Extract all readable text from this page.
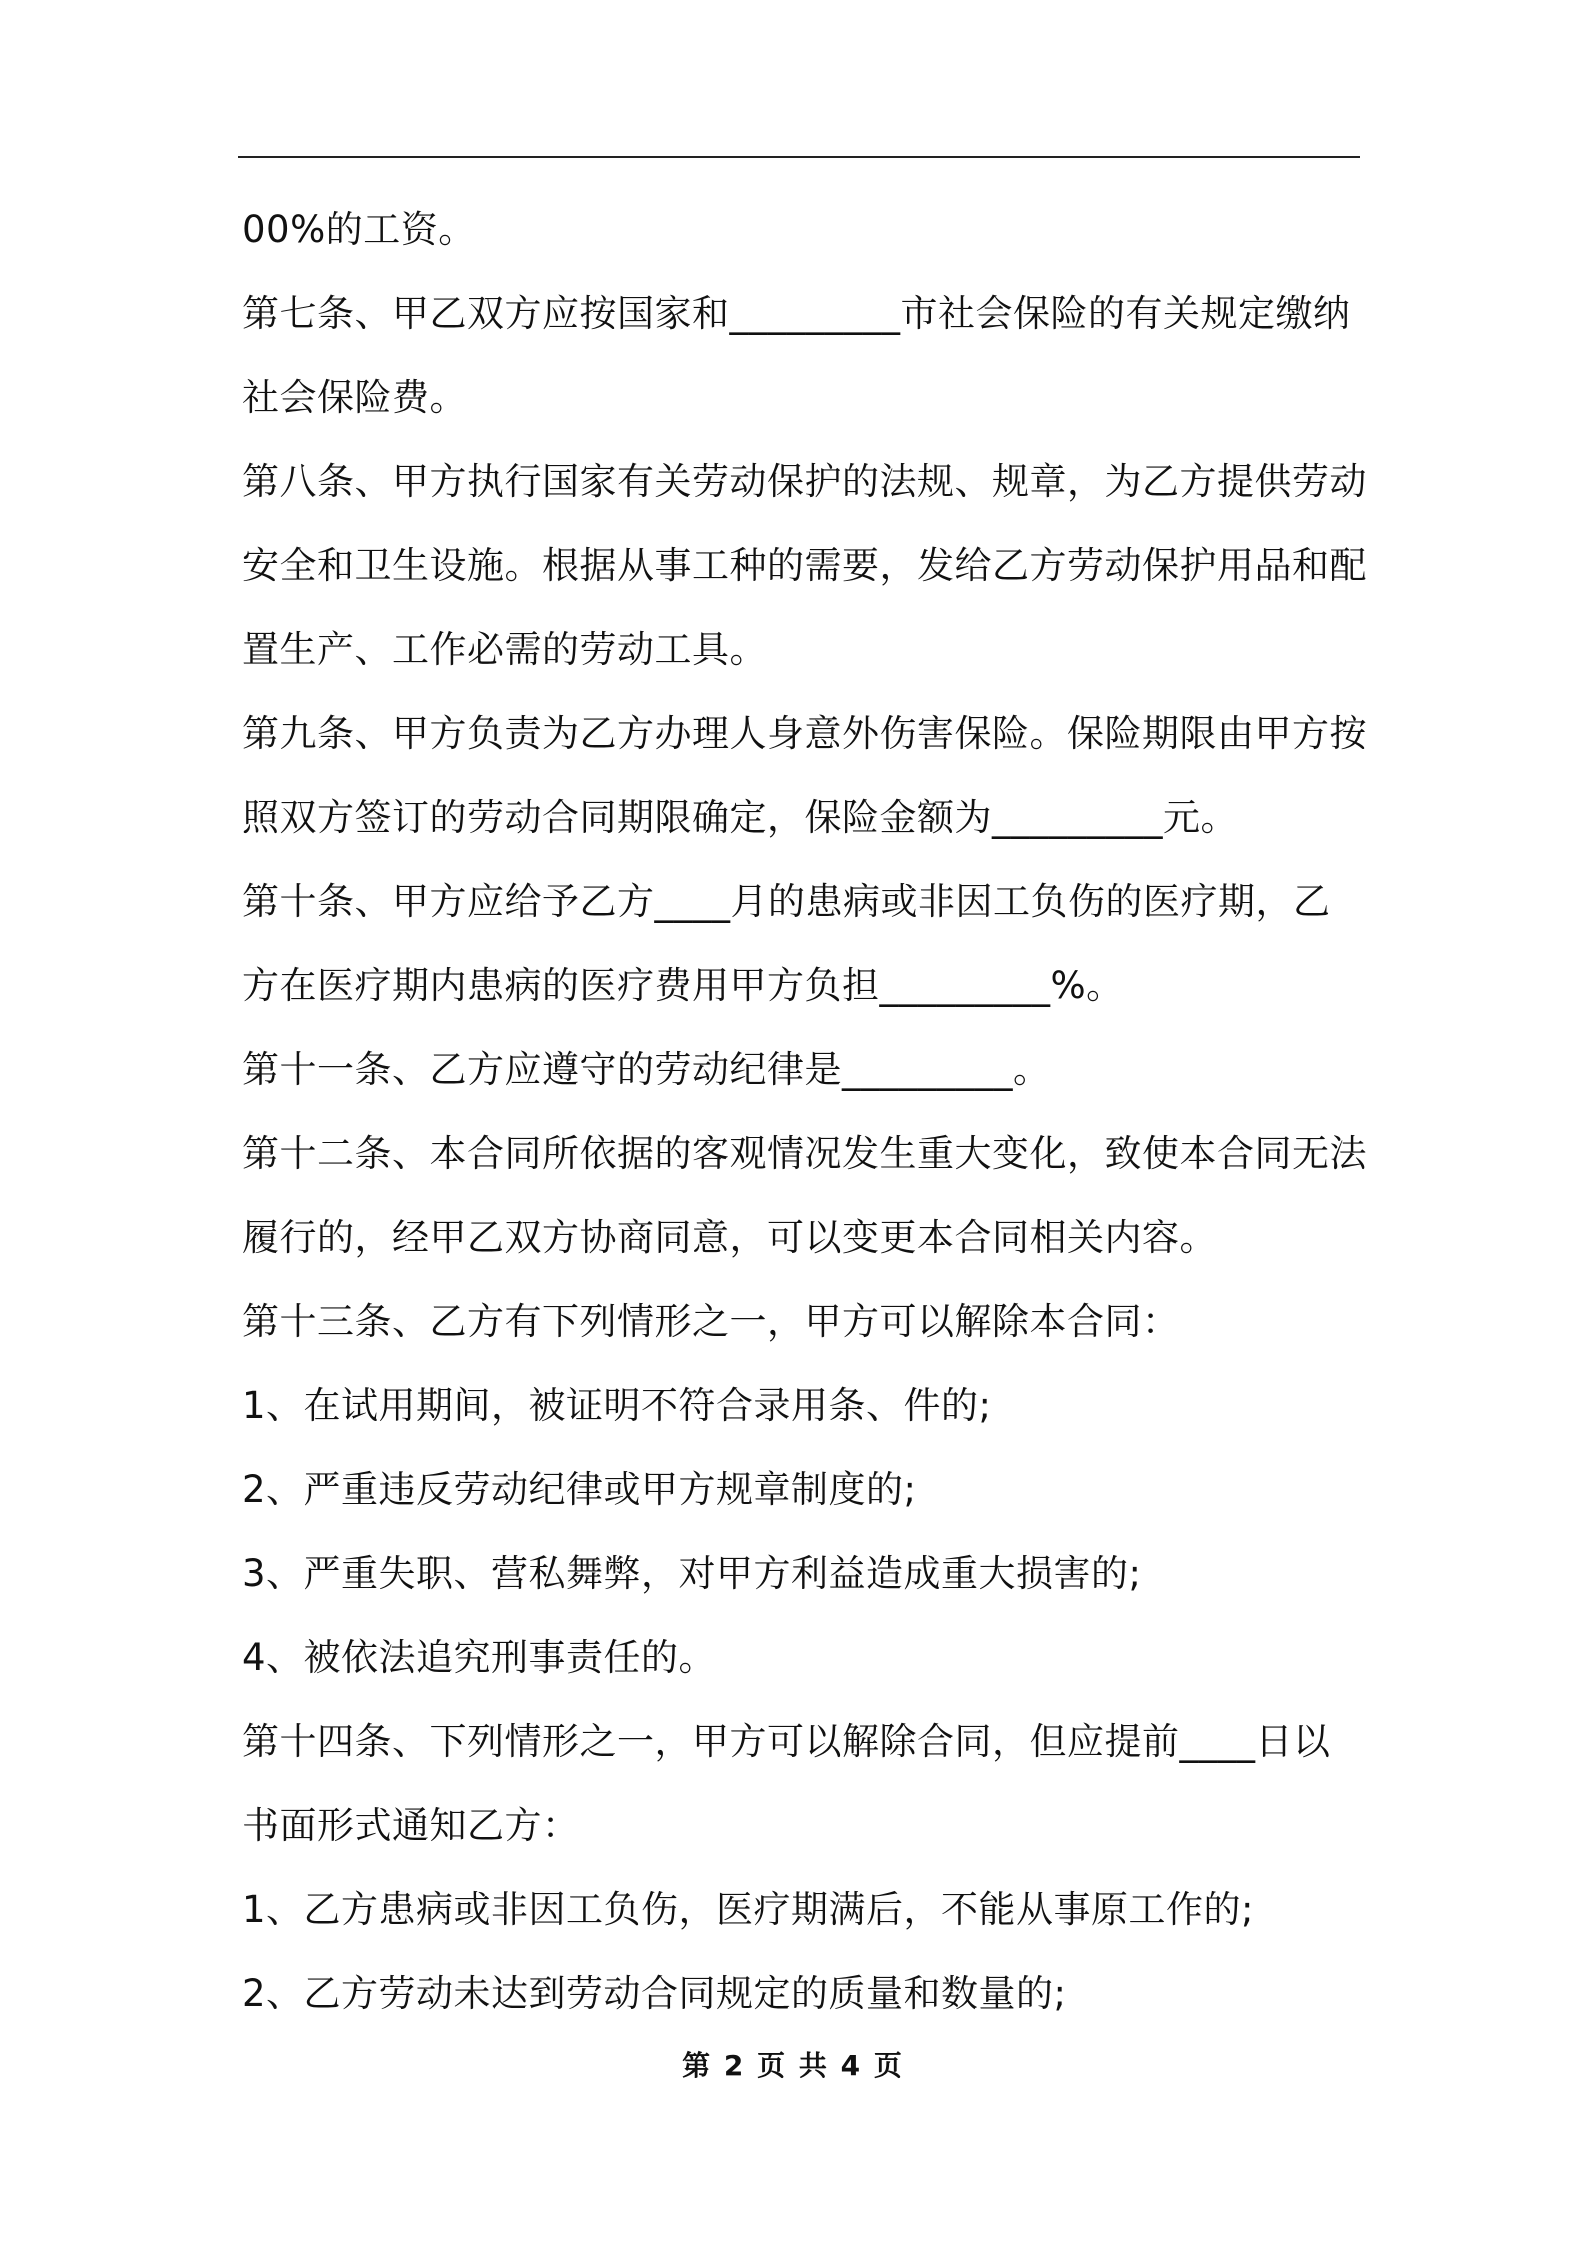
00%的工资。
第七条、甲乙双方应按国家和_________市社会保险的有关规定缴纳
社会保险费。
第八条、甲方执行国家有关劳动保护的法规、规章，为乙方提供劳动
安全和卫生设施。根据从事工种的需要，发给乙方劳动保护用品和配
置生产、工作必需的劳动工具。
第九条、甲方负责为乙方办理人身意外伤害保险。保险期限由甲方按
照双方签订的劳动合同期限确定，保险金额为_________元。
第十条、甲方应给予乙方____月的患病或非因工负伤的医疗期，乙
方在医疗期内患病的医疗费用甲方负担_________%。
第十一条、乙方应遵守的劳动纪律是_________。
第十二条、本合同所依据的客观情况发生重大变化，致使本合同无法
履行的，经甲乙双方协商同意，可以变更本合同相关内容。
第十三条、乙方有下列情形之一，甲方可以解除本合同：
1、在试用期间，被证明不符合录用条、件的;
2、严重违反劳动纪律或甲方规章制度的;
3、严重失职、营私舞弊，对甲方利益造成重大损害的;
4、被依法追究刑事责任的。
第十四条、下列情形之一，甲方可以解除合同，但应提前____日以
书面形式通知乙方：
1、乙方患病或非因工负伤，医疗期满后，不能从事原工作的;
2、乙方劳动未达到劳动合同规定的质量和数量的;
第 2 页 共 4 页
